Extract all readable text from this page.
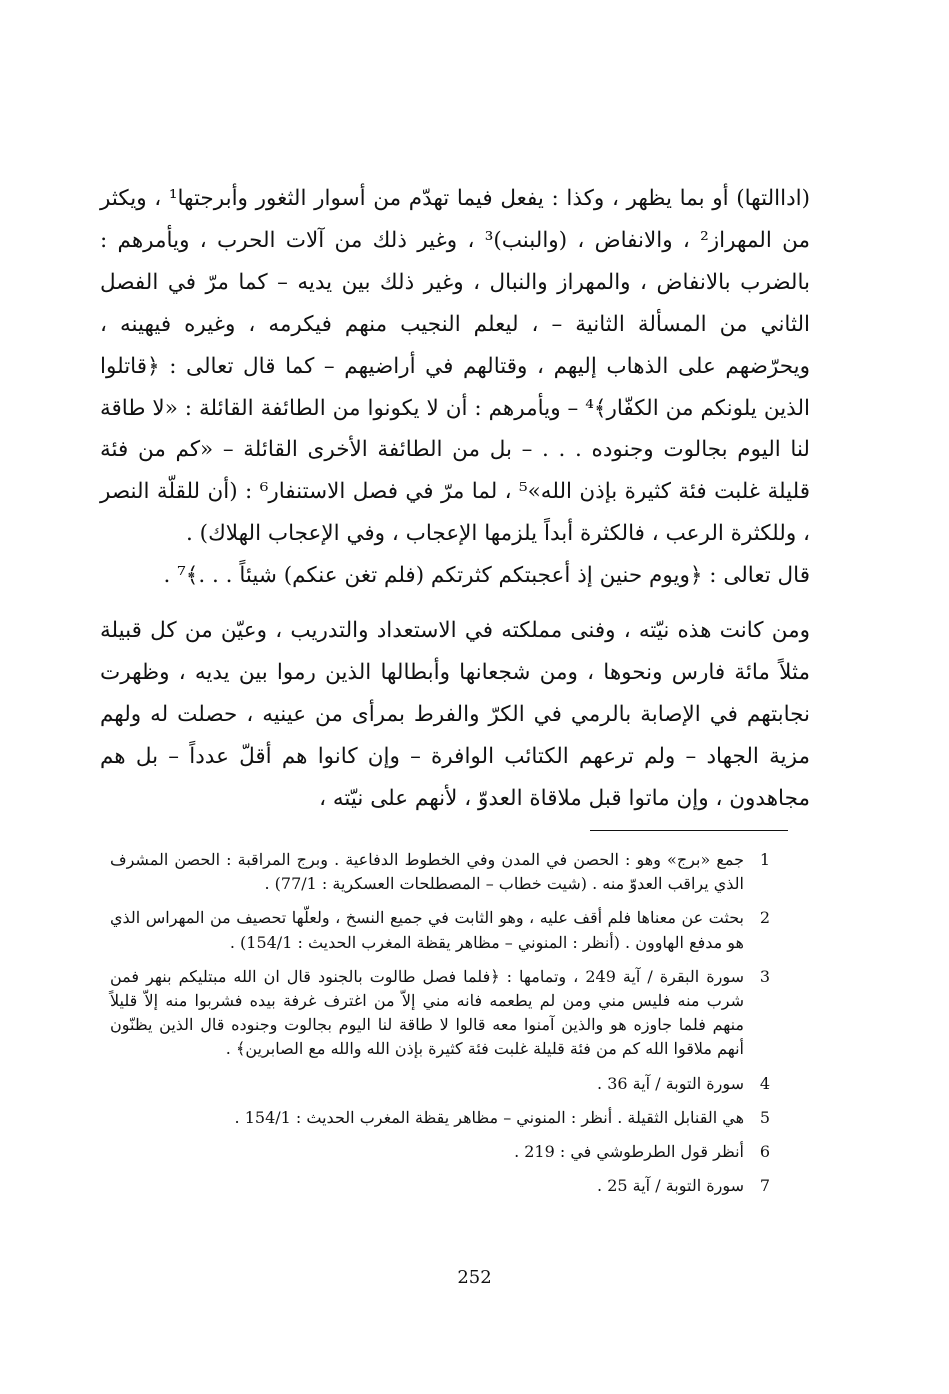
(اداالتها) أو بما يظهر ، وكذا : يفعل فيما تهدّم من أسوار الثغور وأبرجتها¹ ، ويكثر من المهراز² ، والانفاض ، (والبنب)³ ، وغير ذلك من آلات الحرب ، ويأمرهم : بالضرب بالانفاض ، والمهراز والنبال ، وغير ذلك بين يديه – كما مرّ في الفصل الثاني من المسألة الثانية – ، ليعلم النجيب منهم فيكرمه ، وغيره فيهينه ، ويحرّضهم على الذهاب إليهم ، وقتالهم في أراضيهم – كما قال تعالى : ﴿قاتلوا الذين يلونكم من الكفّار﴾⁴ – ويأمرهم : أن لا يكونوا من الطائفة القائلة : «لا طاقة لنا اليوم بجالوت وجنوده . . . – بل من الطائفة الأخرى القائلة – «كم من فئة قليلة غلبت فئة كثيرة بإذن الله»⁵ ، لما مرّ في فصل الاستنفار⁶ : (أن للقلّة النصر ، وللكثرة الرعب ، فالكثرة أبداً يلزمها الإعجاب ، وفي الإعجاب الهلاك) .

قال تعالى : ﴿ويوم حنين إذ أعجبتكم كثرتكم (فلم تغن عنكم) شيئاً . . .﴾⁷ .

ومن كانت هذه نيّته ، وفنى مملكته في الاستعداد والتدريب ، وعيّن من كل قبيلة مثلاً مائة فارس ونحوها ، ومن شجعانها وأبطالها الذين رموا بين يديه ، وظهرت نجابتهم في الإصابة بالرمي في الكرّ والفرط بمرأى من عينيه ، حصلت له ولهم مزية الجهاد – ولم ترعهم الكتائب الوافرة – وإن كانوا هم أقلّ عدداً – بل هم مجاهدون ، وإن ماتوا قبل ملاقاة العدوّ ، لأنهم على نيّته ،

1
جمع «برج» وهو : الحصن في المدن وفي الخطوط الدفاعية . وبرج المراقبة : الحصن المشرف الذي يراقب العدوّ منه . (شيت خطاب – المصطلحات العسكرية : 77/1) .
2
بحثت عن معناها فلم أقف عليه ، وهو الثابت في جميع النسخ ، ولعلّها تحصيف من المهراس الذي هو مدفع الهاوون . (أنظر : المنوني – مظاهر يقظة المغرب الحديث : 154/1) .
3
سورة البقرة / آية 249 ، وتمامها : ﴿فلما فصل طالوت بالجنود قال ان الله مبتليكم بنهر فمن شرب منه فليس مني ومن لم يطعمه فانه مني إلاّ من اغترف غرفة بيده فشربوا منه إلاّ قليلاً منهم فلما جاوزه هو والذين آمنوا معه قالوا لا طاقة لنا اليوم بجالوت وجنوده قال الذين يظنّون أنهم ملاقوا الله كم من فئة قليلة غلبت فئة كثيرة بإذن الله والله مع الصابرين﴾ .
4
سورة التوبة / آية 36 .
5
هي القنابل الثقيلة . أنظر : المنوني – مظاهر يقظة المغرب الحديث : 154/1 .
6
أنظر قول الطرطوشي في : 219 .
7
سورة التوبة / آية 25 .
252
